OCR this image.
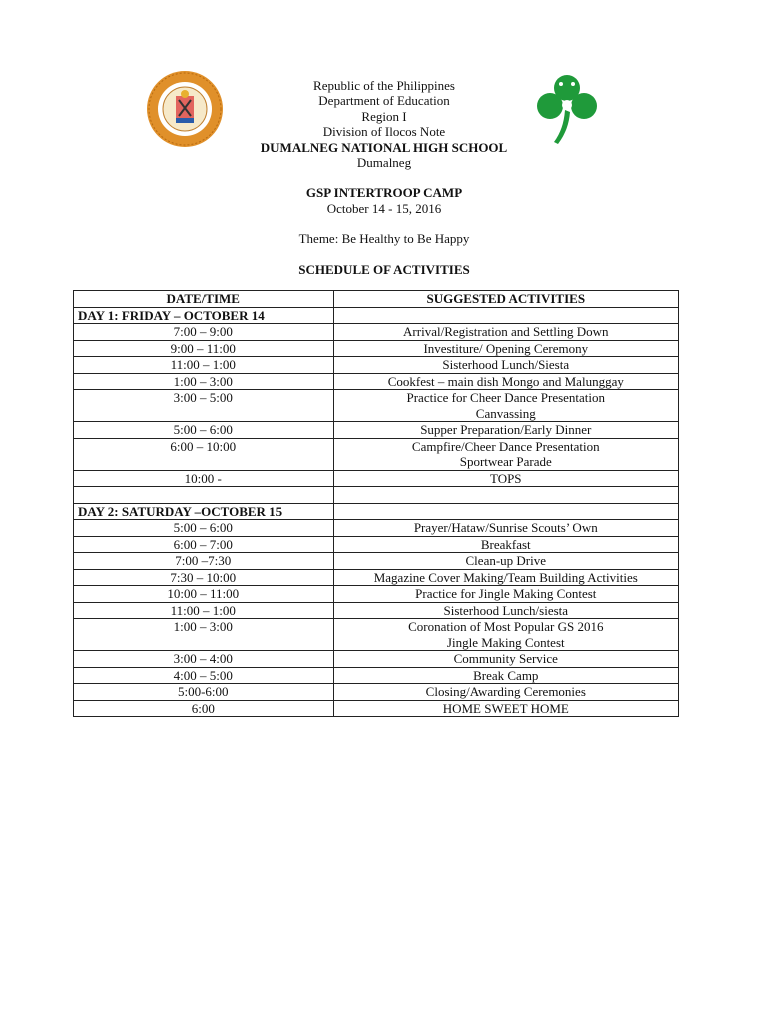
Republic of the Philippines
Department of Education
Region I
Division of Ilocos Note
DUMALNEG NATIONAL HIGH SCHOOL
Dumalneg
GSP INTERTROOP CAMP
October 14 - 15, 2016
Theme: Be Healthy to Be Happy
SCHEDULE OF ACTIVITIES
DATE/TIME	SUGGESTED ACTIVITIES
DAY 1: FRIDAY – OCTOBER 14	
7:00 – 9:00	Arrival/Registration and Settling Down

9:00 – 11:00	Investiture/ Opening Ceremony

11:00 – 1:00	Sisterhood Lunch/Siesta

1:00 – 3:00	Cookfest – main dish Mongo and Malunggay

3:00 – 5:00	Practice for Cheer Dance Presentation
Canvassing

5:00 – 6:00	Supper Preparation/Early Dinner

6:00 – 10:00	Campfire/Cheer Dance Presentation
Sportwear Parade

10:00 -	TOPS

DAY 2: SATURDAY –OCTOBER 15	
5:00 – 6:00	Prayer/Hataw/Sunrise Scouts’ Own

6:00 – 7:00	Breakfast

7:00 –7:30	Clean-up Drive

7:30 – 10:00	Magazine Cover Making/Team Building Activities

10:00 – 11:00	Practice for Jingle Making Contest

11:00 – 1:00	Sisterhood Lunch/siesta

1:00 – 3:00	Coronation of Most Popular GS 2016
Jingle Making Contest

3:00 – 4:00	Community Service

4:00 – 5:00	Break Camp

5:00-6:00	Closing/Awarding Ceremonies

6:00	HOME SWEET HOME
